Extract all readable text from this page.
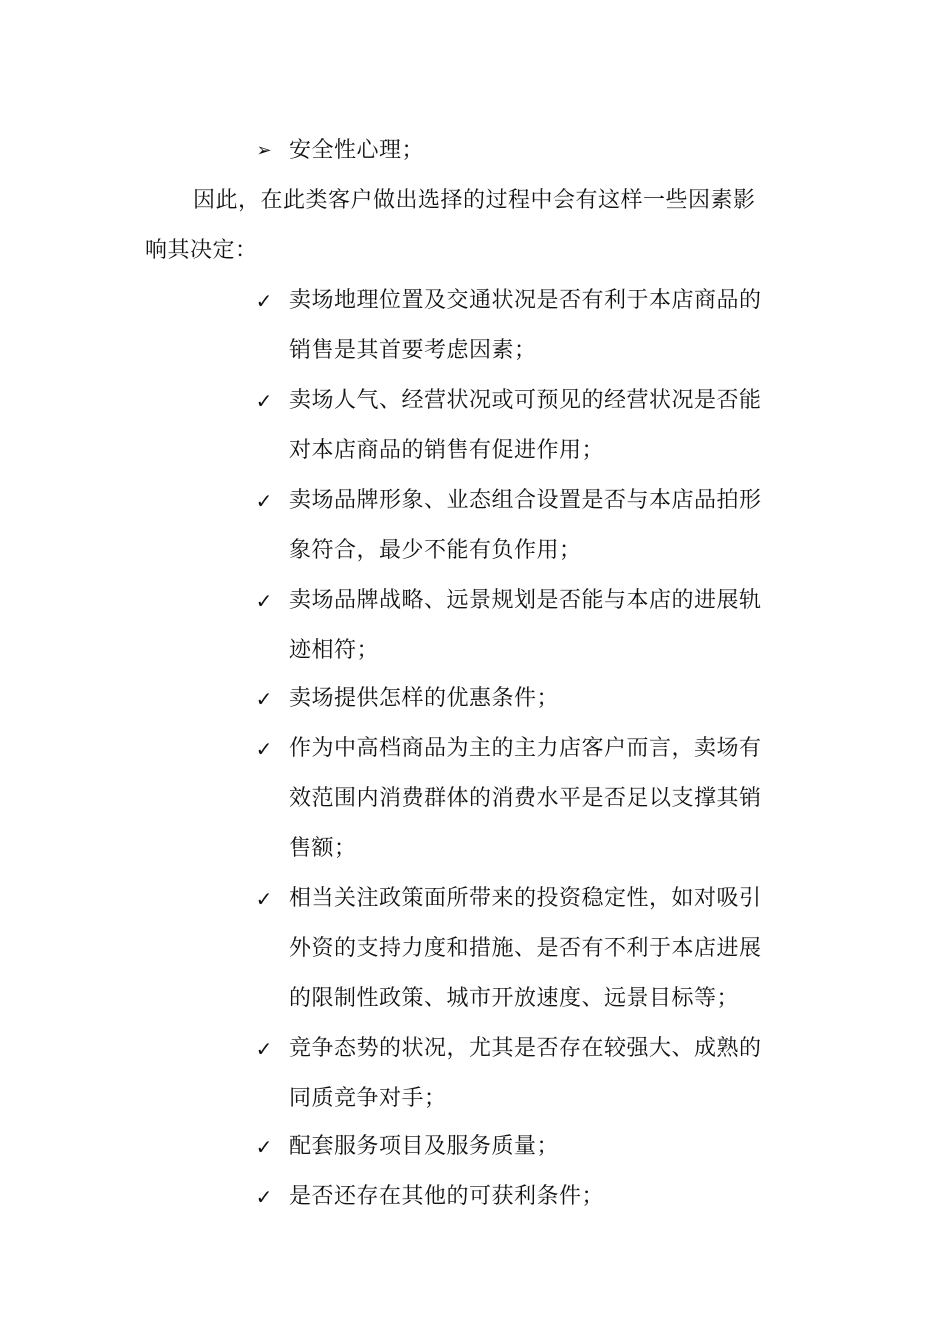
➢ 安全性心理；
因此，在此类客户做出选择的过程中会有这样一些因素影
响其决定：
✓ 卖场地理位置及交通状况是否有利于本店商品的
销售是其首要考虑因素；
✓ 卖场人气、经营状况或可预见的经营状况是否能
对本店商品的销售有促进作用；
✓ 卖场品牌形象、业态组合设置是否与本店品拍形
象符合，最少不能有负作用；
✓ 卖场品牌战略、远景规划是否能与本店的进展轨
迹相符；
✓ 卖场提供怎样的优惠条件；
✓ 作为中高档商品为主的主力店客户而言，卖场有
效范围内消费群体的消费水平是否足以支撑其销
售额；
✓ 相当关注政策面所带来的投资稳定性，如对吸引
外资的支持力度和措施、是否有不利于本店进展
的限制性政策、城市开放速度、远景目标等；
✓ 竞争态势的状况，尤其是否存在较强大、成熟的
同质竞争对手；
✓ 配套服务项目及服务质量；
✓ 是否还存在其他的可获利条件；
